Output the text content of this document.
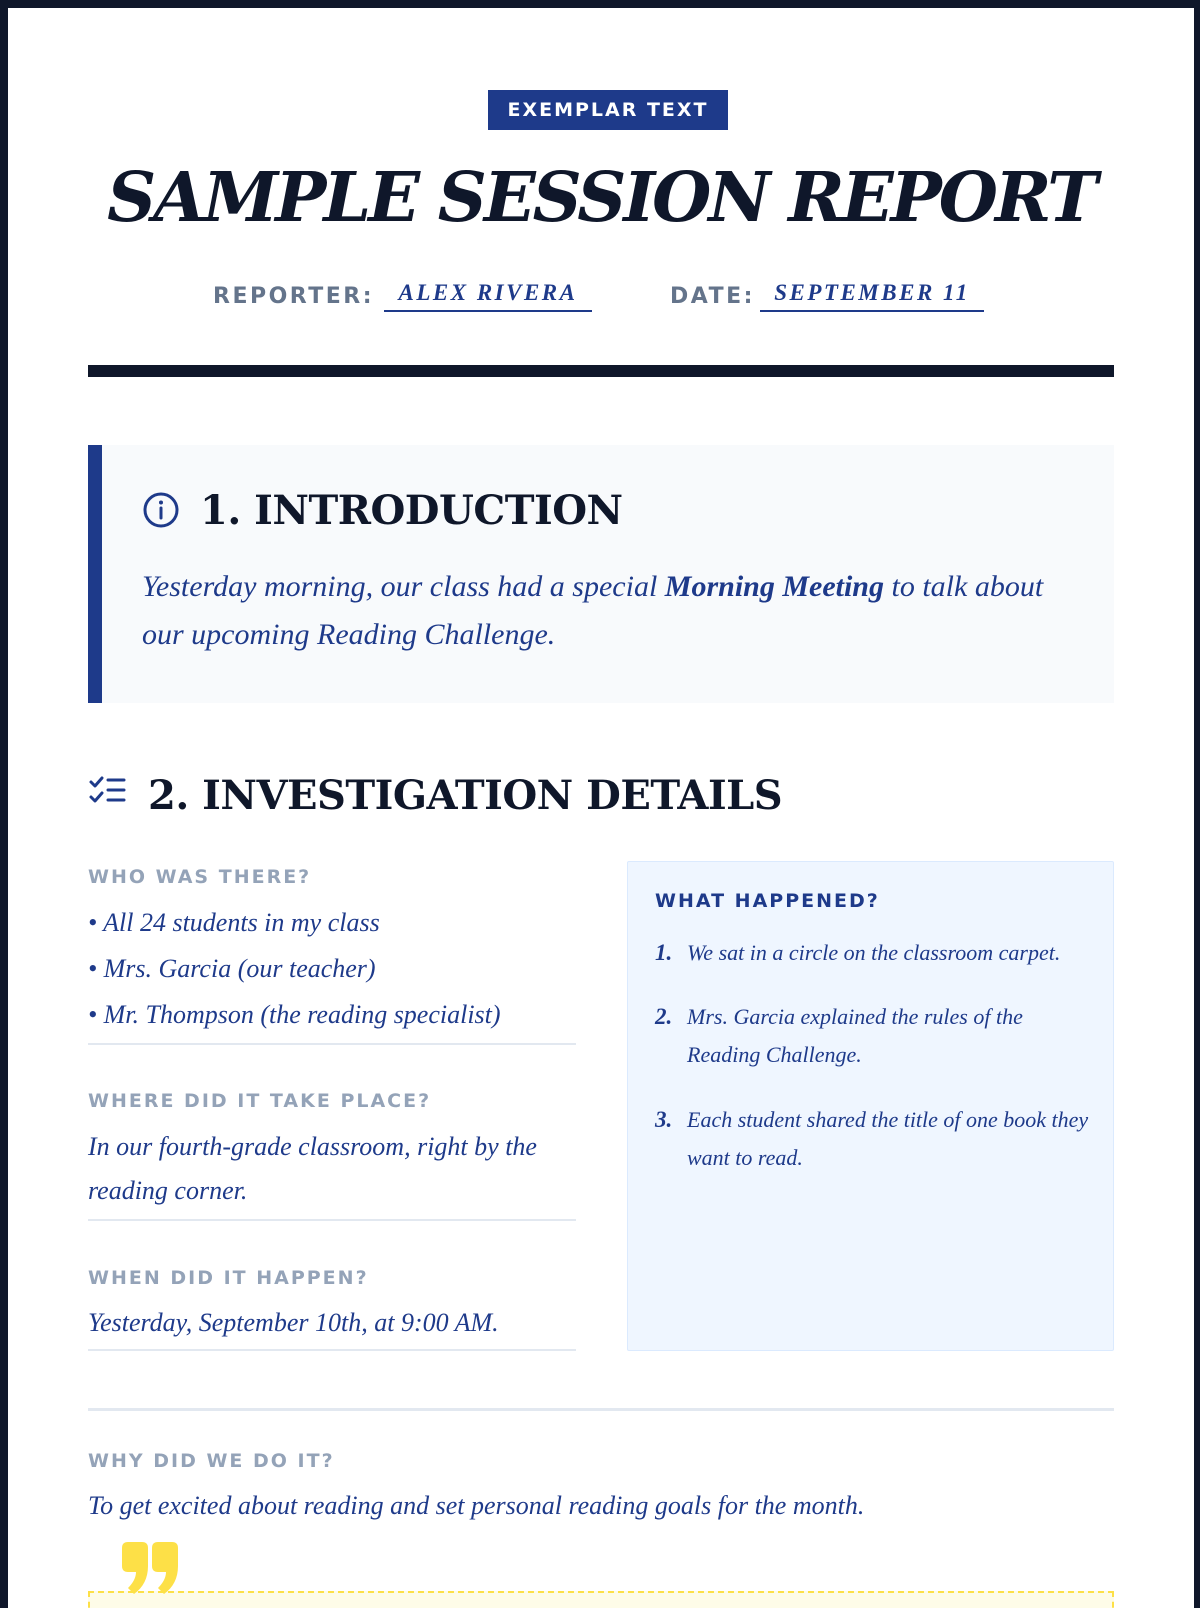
EXEMPLAR TEXT
SAMPLE SESSION REPORT
REPORTER:	ALEX RIVERA	DATE: SEPTEMBER 11
1. INTRODUCTION
Yesterday morning, our class had a special Morning Meeting to talk about our upcoming Reading Challenge.
2. INVESTIGATION DETAILS
WHO WAS THERE?
• All 24 students in my class
• Mrs. Garcia (our teacher)
• Mr. Thompson (the reading specialist)
WHERE DID IT TAKE PLACE?
In our fourth-grade classroom, right by the reading corner.
WHEN DID IT HAPPEN?
Yesterday, September 10th, at 9:00 AM.
WHAT HAPPENED?
1. We sat in a circle on the classroom carpet.
2. Mrs. Garcia explained the rules of the Reading Challenge.
3. Each student shared the title of one book they want to read.
WHY DID WE DO IT?
To get excited about reading and set personal reading goals for the month.
